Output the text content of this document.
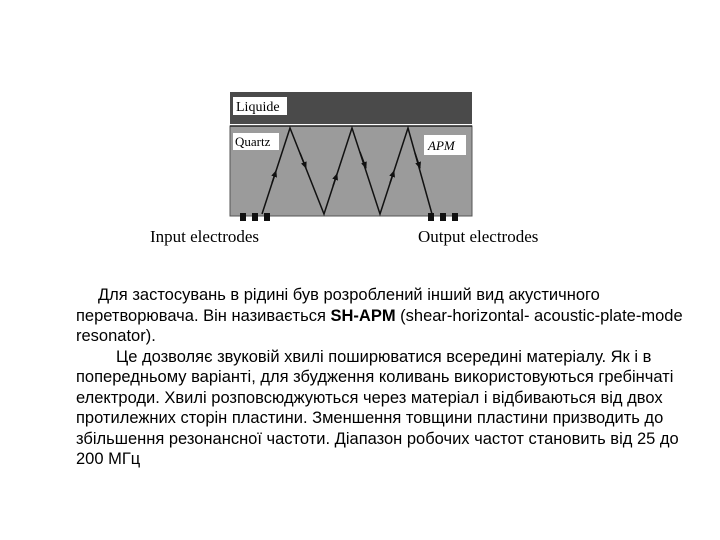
Liquide
Quartz	APM
Input electrodes	Output electrodes

Для застосувань в рідині був розроблений інший вид акустичного перетворювача. Він називається SH-APM (shear-horizontal- acoustic-plate-mode resonator).

Це дозволяє звуковій хвилі поширюватися всередині матеріалу. Як і в попередньому варіанті, для збудження коливань використовуються гребінчаті електроди. Хвилі розповсюджуються через матеріал і відбиваються від двох протилежних сторін пластини. Зменшення товщини пластини призводить до збільшення резонансної частоти. Діапазон робочих частот становить від 25 до 200 МГц
